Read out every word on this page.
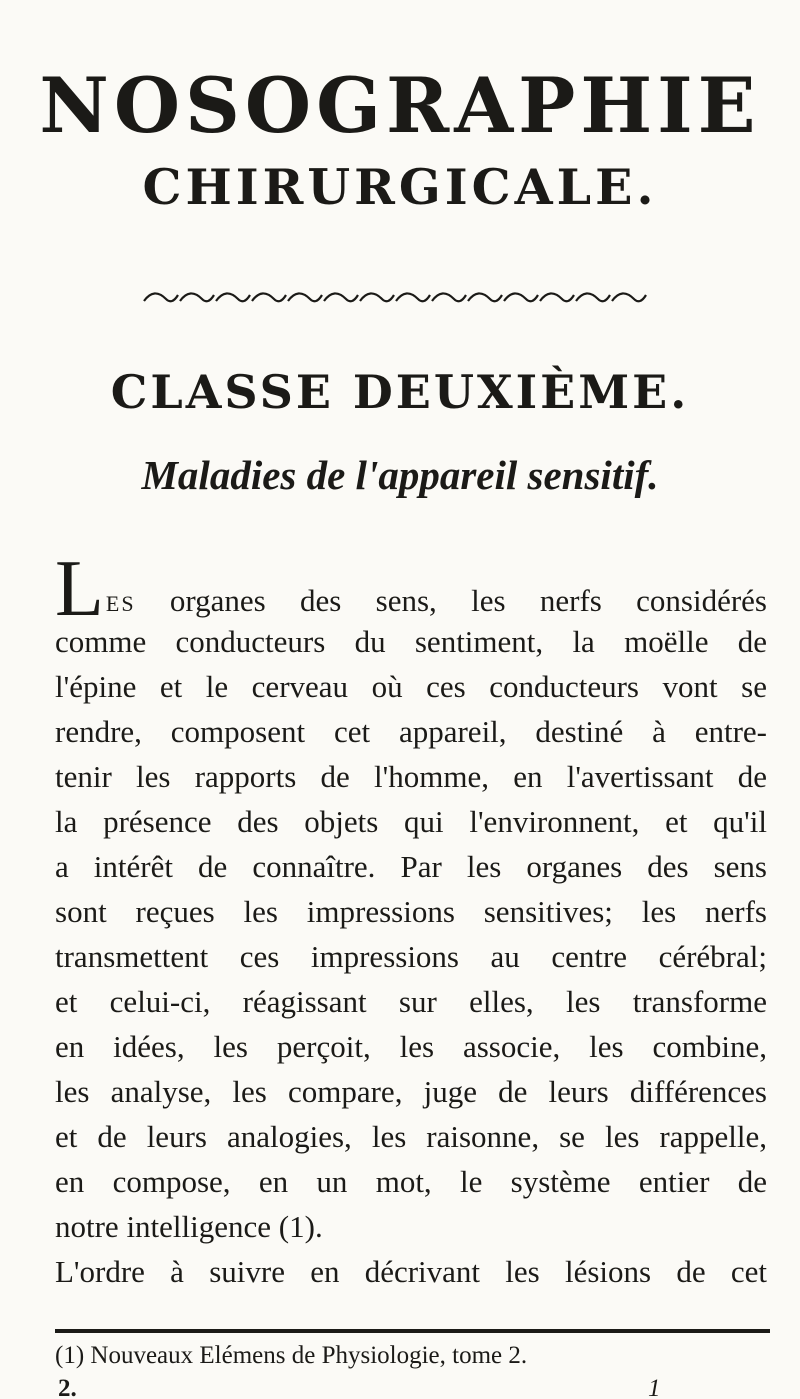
NOSOGRAPHIE
CHIRURGICALE.
CLASSE DEUXIÈME.
Maladies de l'appareil sensitif.
Les organes des sens, les nerfs considérés
comme conducteurs du sentiment, la moëlle de
l'épine et le cerveau où ces conducteurs vont se
rendre, composent cet appareil, destiné à entre-
tenir les rapports de l'homme, en l'avertissant de
la présence des objets qui l'environnent, et qu'il
a intérêt de connaître. Par les organes des sens
sont reçues les impressions sensitives; les nerfs
transmettent ces impressions au centre cérébral;
et celui-ci, réagissant sur elles, les transforme
en idées, les perçoit, les associe, les combine,
les analyse, les compare, juge de leurs différences
et de leurs analogies, les raisonne, se les rappelle,
en compose, en un mot, le système entier de
notre intelligence (1).
L'ordre à suivre en décrivant les lésions de cet
(1) Nouveaux Elémens de Physiologie, tome 2.
2.	1
